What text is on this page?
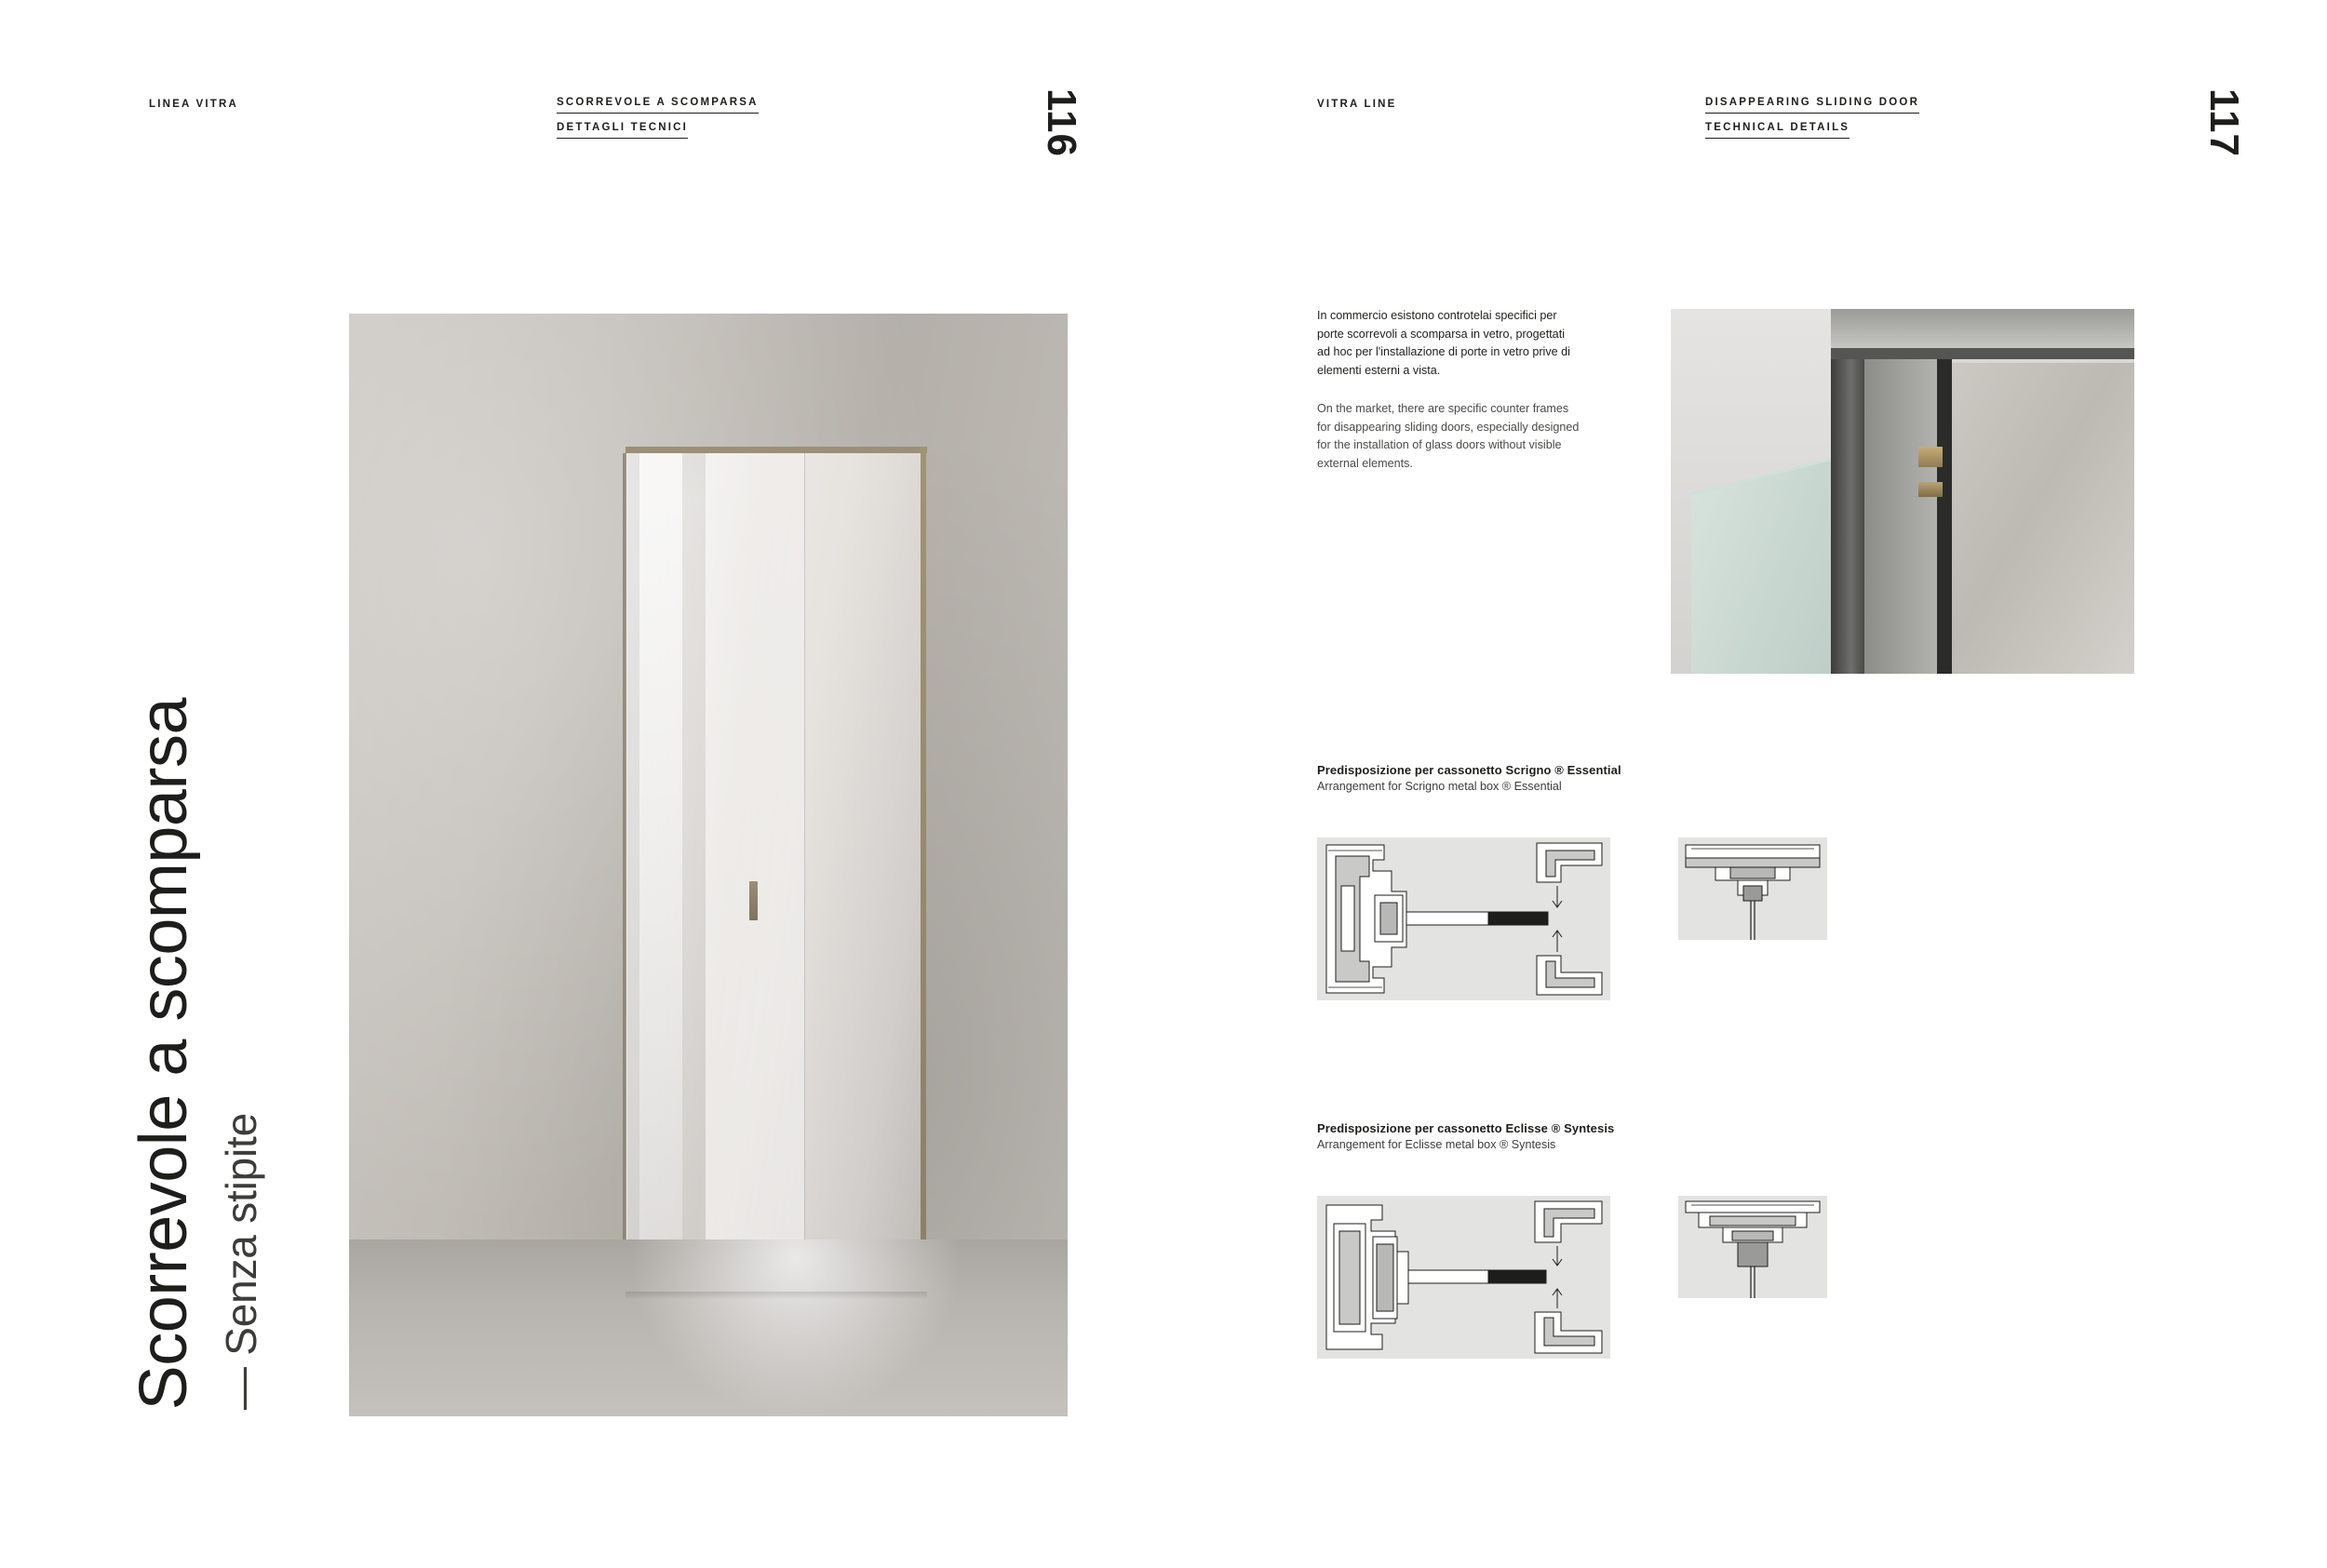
LINEA VITRA	SCORREVOLE A SCOMPARSA
DETTAGLI TECNICI	116
Scorrevole a scomparsa — Senza stipite
VITRA LINE	DISAPPEARING SLIDING DOOR
TECHNICAL DETAILS	117

In commercio esistono controtelai specifici per porte scorrevoli a scomparsa in vetro, progettati ad hoc per l'installazione di porte in vetro prive di elementi esterni a vista.

On the market, there are specific counter frames for disappearing sliding doors, especially designed for the installation of glass doors without visible external elements.

Predisposizione per cassonetto Scrigno ® Essential

Arrangement for Scrigno metal box ® Essential

Predisposizione per cassonetto Eclisse ® Syntesis

Arrangement for Eclisse metal box ® Syntesis
